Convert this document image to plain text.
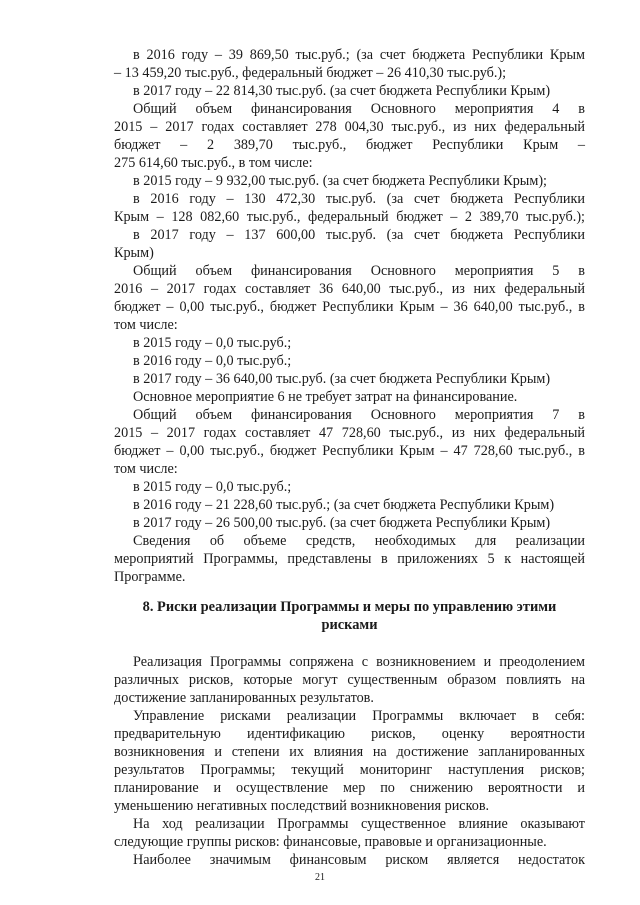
в 2016 году – 39 869,50 тыс.руб.; (за счет бюджета Республики Крым
– 13 459,20 тыс.руб., федеральный бюджет – 26 410,30 тыс.руб.);
в 2017 году – 22 814,30 тыс.руб. (за счет бюджета Республики Крым)
Общий объем финансирования Основного мероприятия 4 в
2015 – 2017 годах составляет 278 004,30 тыс.руб., из них федеральный
бюджет – 2 389,70 тыс.руб., бюджет Республики Крым –
275 614,60 тыс.руб., в том числе:
в 2015 году – 9 932,00 тыс.руб. (за счет бюджета Республики Крым);
в 2016 году – 130 472,30 тыс.руб. (за счет бюджета Республики
Крым – 128 082,60 тыс.руб., федеральный бюджет – 2 389,70 тыс.руб.);
в 2017 году – 137 600,00 тыс.руб. (за счет бюджета Республики
Крым)
Общий объем финансирования Основного мероприятия 5 в
2016 – 2017 годах составляет 36 640,00 тыс.руб., из них федеральный
бюджет – 0,00 тыс.руб., бюджет Республики Крым – 36 640,00 тыс.руб., в
том числе:
в 2015 году – 0,0 тыс.руб.;
в 2016 году – 0,0 тыс.руб.;
в 2017 году – 36 640,00 тыс.руб. (за счет бюджета Республики Крым)
Основное мероприятие 6 не требует затрат на финансирование.
Общий объем финансирования Основного мероприятия 7 в
2015 – 2017 годах составляет 47 728,60 тыс.руб., из них федеральный
бюджет – 0,00 тыс.руб., бюджет Республики Крым – 47 728,60 тыс.руб., в
том числе:
в 2015 году – 0,0 тыс.руб.;
в 2016 году – 21 228,60 тыс.руб.; (за счет бюджета Республики Крым)
в 2017 году – 26 500,00 тыс.руб. (за счет бюджета Республики Крым)
Сведения об объеме средств, необходимых для реализации
мероприятий Программы, представлены в приложениях 5 к настоящей
Программе.
8. Риски реализации Программы и меры по управлению этими
рисками
Реализация Программы сопряжена с возникновением и преодолением
различных рисков, которые могут существенным образом повлиять на
достижение запланированных результатов.
Управление рисками реализации Программы включает в себя:
предварительную идентификацию рисков, оценку вероятности
возникновения и степени их влияния на достижение запланированных
результатов Программы; текущий мониторинг наступления рисков;
планирование и осуществление мер по снижению вероятности и
уменьшению негативных последствий возникновения рисков.
На ход реализации Программы существенное влияние оказывают
следующие группы рисков: финансовые, правовые и организационные.
Наиболее значимым финансовым риском является недостаток
21
